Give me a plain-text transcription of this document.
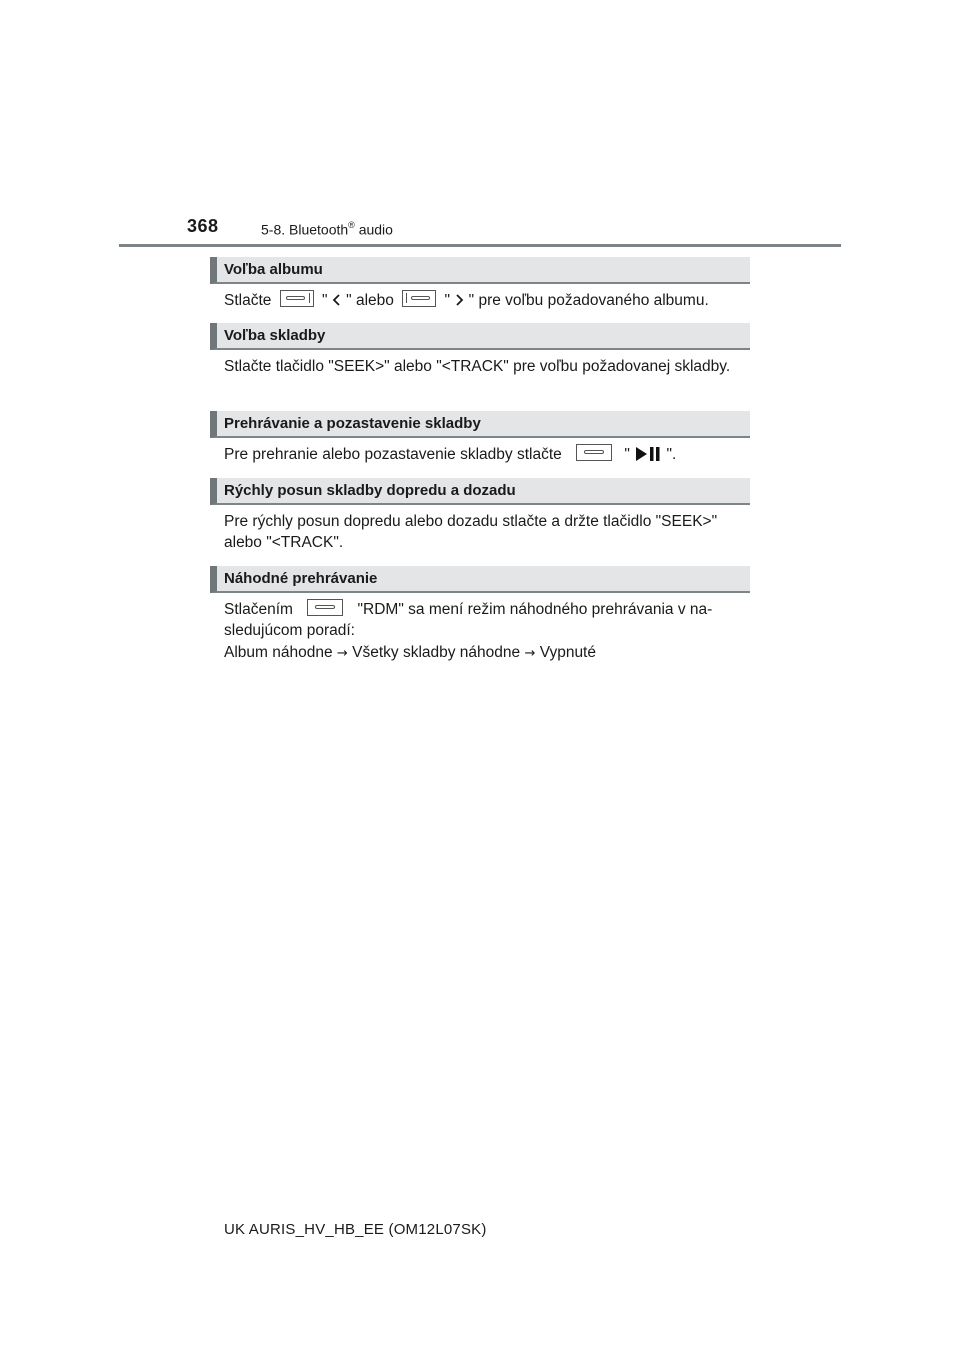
368	5-8. Bluetooth® audio
Voľba albumu
Stlačte	" " alebo	" " pre voľbu požadovaného albumu.
Voľba skladby
Stlačte tlačidlo "SEEK>" alebo "<TRACK" pre voľbu požadovanej skladby.
Prehrávanie a pozastavenie skladby
Pre prehranie alebo pozastavenie skladby stlačte	" ".
Rýchly posun skladby dopredu a dozadu
Pre rýchly posun dopredu alebo dozadu stlačte a držte tlačidlo "SEEK>" alebo "<TRACK".
Náhodné prehrávanie
Stlačením	"RDM" sa mení režim náhodného prehrávania v na-sledujúcom poradí:
Album náhodne → Všetky skladby náhodne → Vypnuté
UK AURIS_HV_HB_EE (OM12L07SK)
